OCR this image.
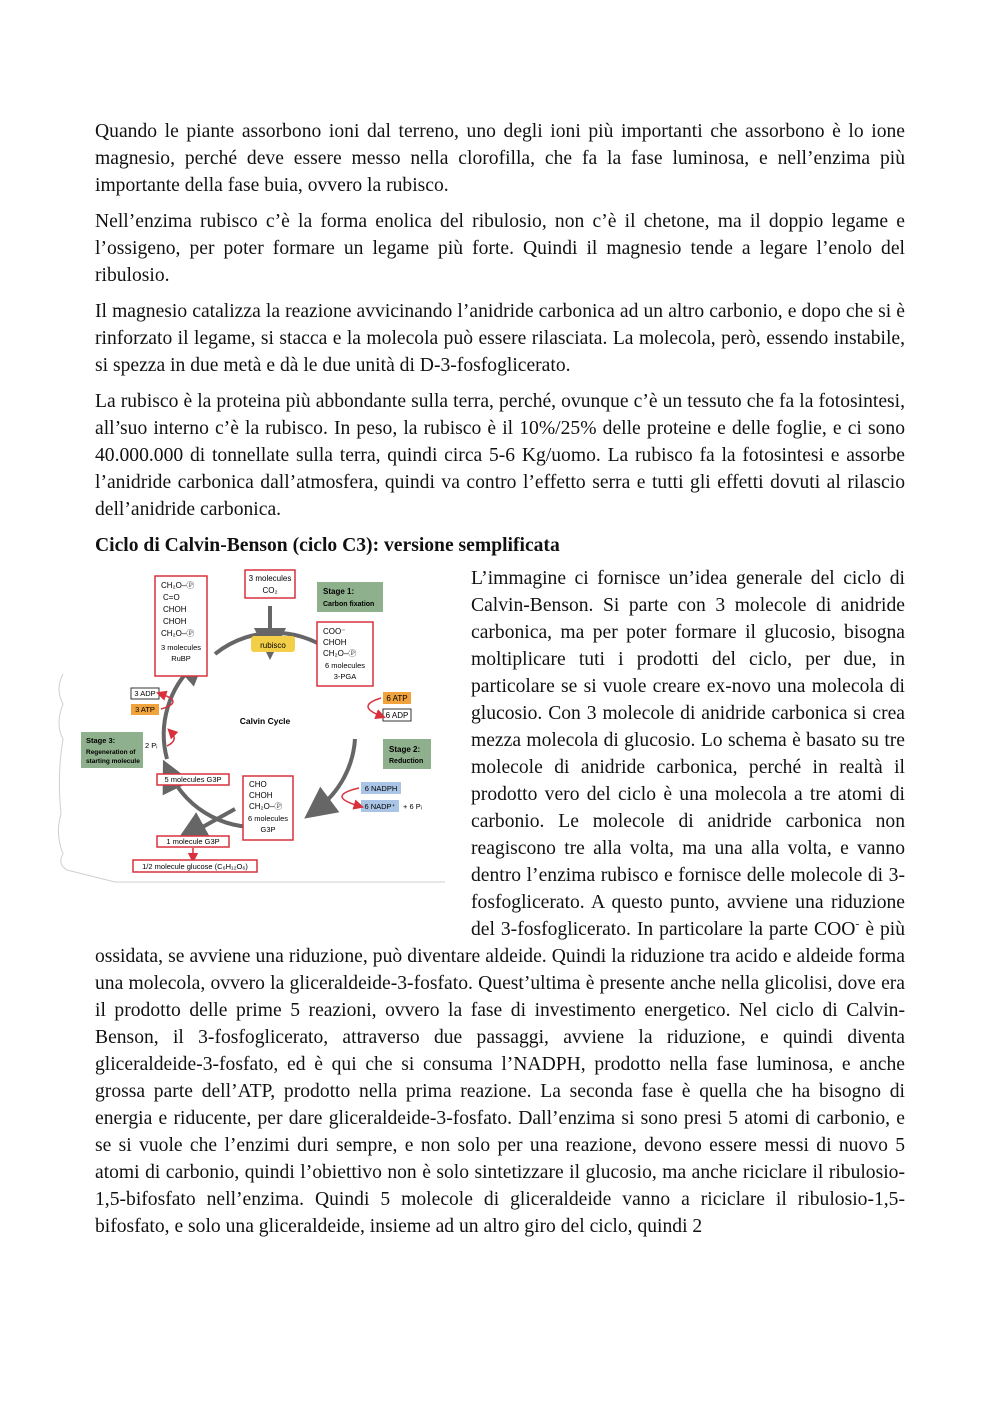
Quando le piante assorbono ioni dal terreno, uno degli ioni più importanti che assorbono è lo ione magnesio, perché deve essere messo nella clorofilla, che fa la fase luminosa, e nell’enzima più importante della fase buia, ovvero la rubisco.

Nell’enzima rubisco c’è la forma enolica del ribulosio, non c’è il chetone, ma il doppio legame e l’ossigeno, per poter formare un legame più forte. Quindi il magnesio tende a legare l’enolo del ribulosio.

Il magnesio catalizza la reazione avvicinando l’anidride carbonica ad un altro carbonio, e dopo che si è rinforzato il legame, si stacca e la molecola può essere rilasciata. La molecola, però, essendo instabile, si spezza in due metà e dà le due unità di D-3-fosfoglicerato.

La rubisco è la proteina più abbondante sulla terra, perché, ovunque c’è un tessuto che fa la fotosintesi, all’suo interno c’è la rubisco. In peso, la rubisco è il 10%/25% delle proteine e delle foglie, e ci sono 40.000.000 di tonnellate sulla terra, quindi circa 5-6 Kg/uomo. La rubisco fa la fotosintesi e assorbe l’anidride carbonica dall’atmosfera, quindi va contro l’effetto serra e tutti gli effetti dovuti al rilascio dell’anidride carbonica.

Ciclo di Calvin-Benson (ciclo C3): versione semplificata
3 molecules
CO₂	Stage 1:
Carbon fixation
CH₂O–Ⓟ
C=O
CHOH
CHOH
CH₂O–Ⓟ
3 molecules
RuBP
rubisco
COO⁻
CHOH
CH₂O–Ⓟ
6 molecules
3-PGA
6 ATP
6 ADP
Calvin Cycle
Stage 2:
Reduction
6 NADPH
6 NADP⁺ + 6 Pᵢ
CHO
CHOH
CH₂O–Ⓟ
6 molecules
G3P
Stage 3:
Regeneration of
starting molecule
3 ADP
3 ATP
2 Pᵢ
5 molecules G3P
1 molecule G3P
1/2 molecule glucose (C₆H₁₂O₆)

L’immagine ci fornisce un’idea generale del ciclo di Calvin-Benson. Si parte con 3 molecole di anidride carbonica, ma per poter formare il glucosio, bisogna moltiplicare tuti i prodotti del ciclo, per due, in particolare se si vuole creare ex-novo una molecola di glucosio. Con 3 molecole di anidride carbonica si crea mezza molecola di glucosio. Lo schema è basato su tre molecole di anidride carbonica, perché in realtà il prodotto vero del ciclo è una molecola a tre atomi di carbonio. Le molecole di anidride carbonica non reagiscono tre alla volta, ma una alla volta, e vanno dentro l’enzima rubisco e fornisce delle molecole di 3-fosfoglicerato. A questo punto, avviene una riduzione del 3-fosfoglicerato. In particolare la parte COO- è più ossidata, se avviene una riduzione, può diventare aldeide. Quindi la riduzione tra acido e aldeide forma una molecola, ovvero la gliceraldeide-3-fosfato. Quest’ultima è presente anche nella glicolisi, dove era il prodotto delle prime 5 reazioni, ovvero la fase di investimento energetico. Nel ciclo di Calvin-Benson, il 3-fosfoglicerato, attraverso due passaggi, avviene la riduzione, e quindi diventa gliceraldeide-3-fosfato, ed è qui che si consuma l’NADPH, prodotto nella fase luminosa, e anche grossa parte dell’ATP, prodotto nella prima reazione. La seconda fase è quella che ha bisogno di energia e riducente, per dare gliceraldeide-3-fosfato. Dall’enzima si sono presi 5 atomi di carbonio, e se si vuole che l’enzimi duri sempre, e non solo per una reazione, devono essere messi di nuovo 5 atomi di carbonio, quindi l’obiettivo non è solo sintetizzare il glucosio, ma anche riciclare il ribulosio-1,5-bifosfato nell’enzima. Quindi 5 molecole di gliceraldeide vanno a riciclare il ribulosio-1,5-bifosfato, e solo una gliceraldeide, insieme ad un altro giro del ciclo, quindi 2
